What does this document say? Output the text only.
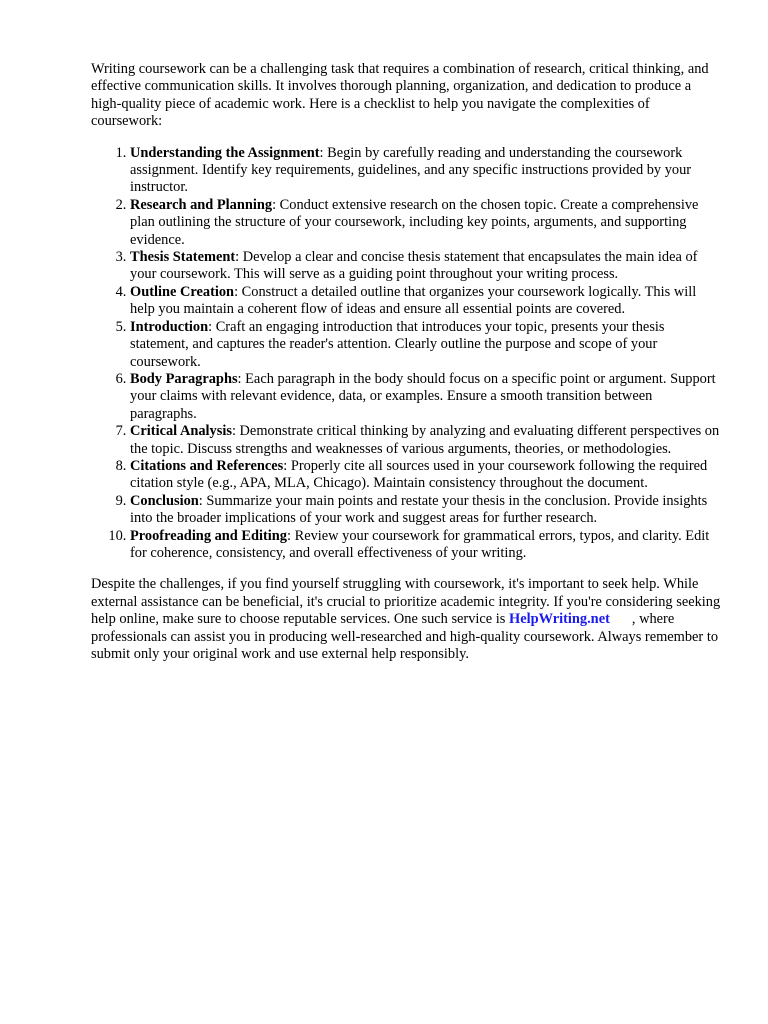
Writing coursework can be a challenging task that requires a combination of research, critical thinking, and effective communication skills. It involves thorough planning, organization, and dedication to produce a high-quality piece of academic work. Here is a checklist to help you navigate the complexities of coursework:

1. Understanding the Assignment: Begin by carefully reading and understanding the coursework assignment. Identify key requirements, guidelines, and any specific instructions provided by your instructor.
2. Research and Planning: Conduct extensive research on the chosen topic. Create a comprehensive plan outlining the structure of your coursework, including key points, arguments, and supporting evidence.
3. Thesis Statement: Develop a clear and concise thesis statement that encapsulates the main idea of your coursework. This will serve as a guiding point throughout your writing process.
4. Outline Creation: Construct a detailed outline that organizes your coursework logically. This will help you maintain a coherent flow of ideas and ensure all essential points are covered.
5. Introduction: Craft an engaging introduction that introduces your topic, presents your thesis statement, and captures the reader's attention. Clearly outline the purpose and scope of your coursework.
6. Body Paragraphs: Each paragraph in the body should focus on a specific point or argument. Support your claims with relevant evidence, data, or examples. Ensure a smooth transition between paragraphs.
7. Critical Analysis: Demonstrate critical thinking by analyzing and evaluating different perspectives on the topic. Discuss strengths and weaknesses of various arguments, theories, or methodologies.
8. Citations and References: Properly cite all sources used in your coursework following the required citation style (e.g., APA, MLA, Chicago). Maintain consistency throughout the document.
9. Conclusion: Summarize your main points and restate your thesis in the conclusion. Provide insights into the broader implications of your work and suggest areas for further research.
10. Proofreading and Editing: Review your coursework for grammatical errors, typos, and clarity. Edit for coherence, consistency, and overall effectiveness of your writing.

Despite the challenges, if you find yourself struggling with coursework, it's important to seek help. While external assistance can be beneficial, it's crucial to prioritize academic integrity. If you're considering seeking help online, make sure to choose reputable services. One such service is HelpWriting.net , where professionals can assist you in producing well-researched and high-quality coursework. Always remember to submit only your original work and use external help responsibly.
